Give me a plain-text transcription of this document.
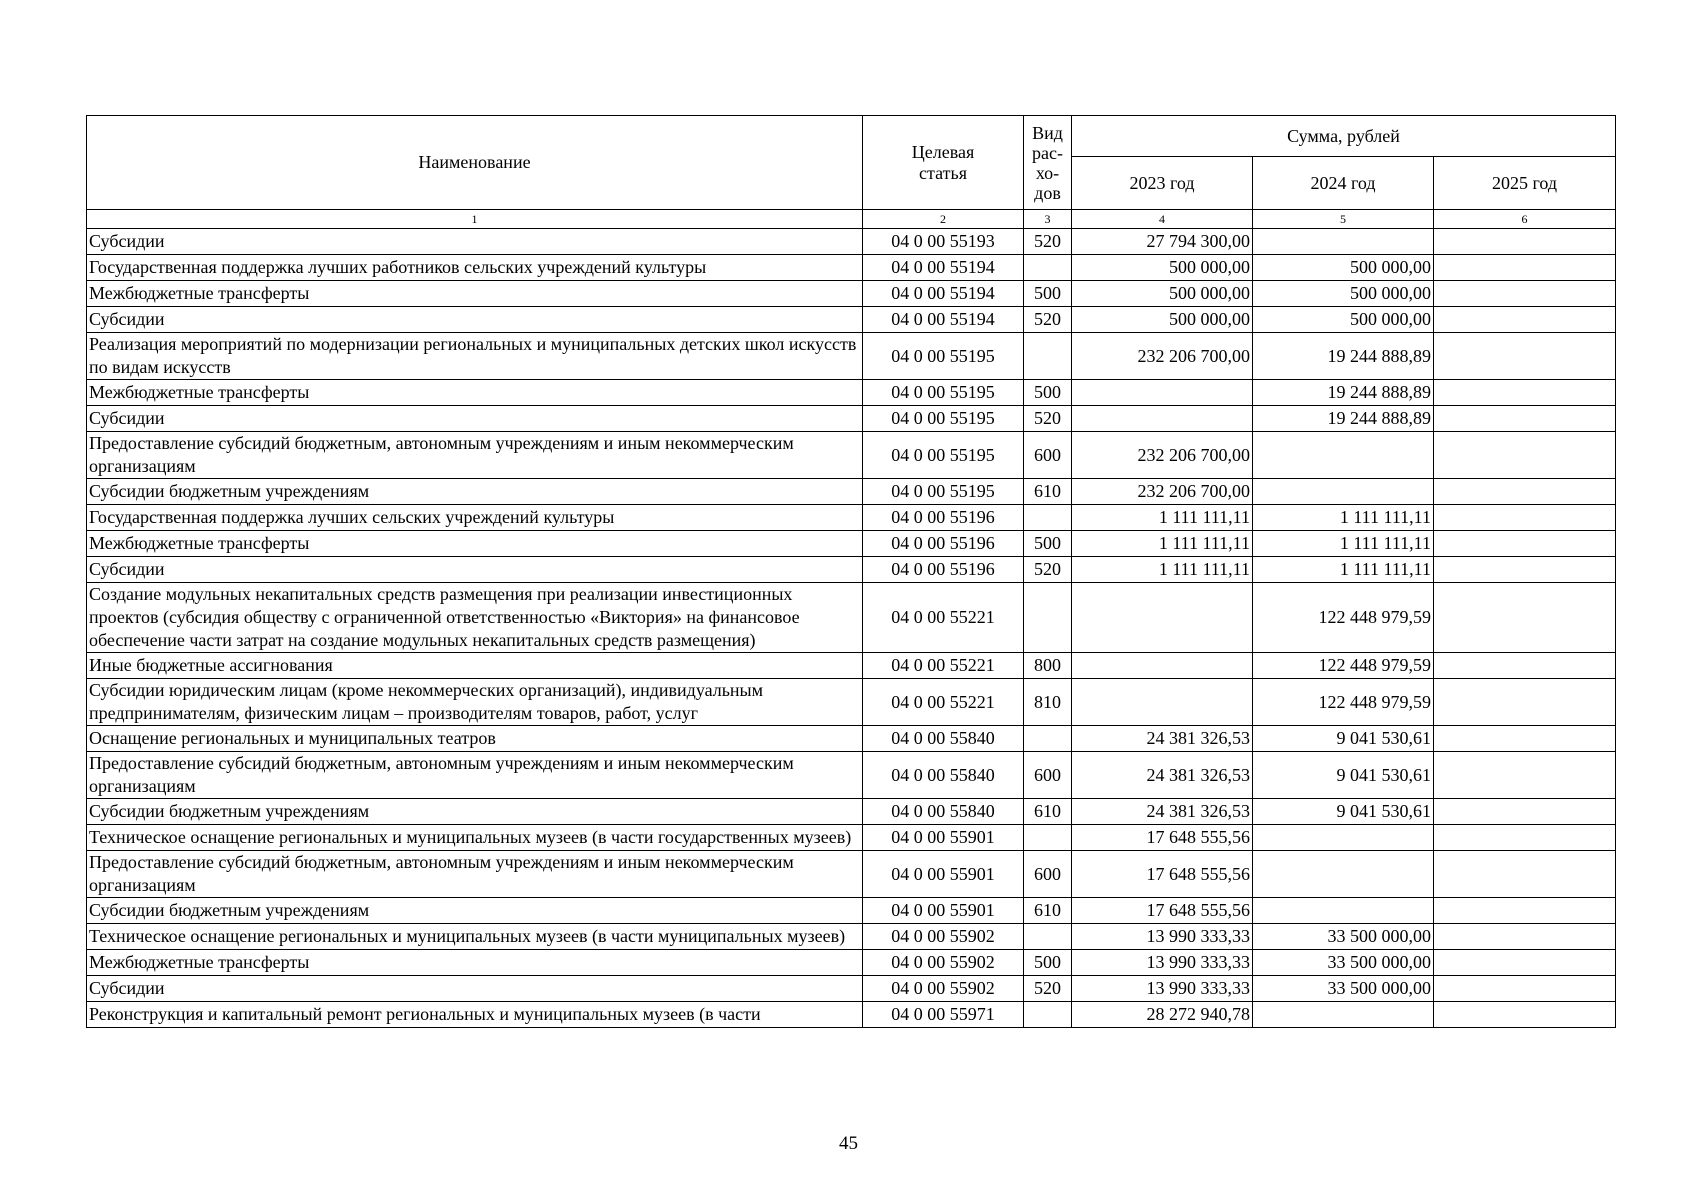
Наименование	Целевая статья	Вид рас-хо-дов	Сумма, рублей		
			2023 год	2024 год	2025 год
1	2	3	4	5	6
Субсидии	04 0 00 55193	520	27 794 300,00		
Государственная поддержка лучших работников сельских учреждений культуры	04 0 00 55194		500 000,00	500 000,00	
Межбюджетные трансферты	04 0 00 55194	500	500 000,00	500 000,00	
Субсидии	04 0 00 55194	520	500 000,00	500 000,00	
Реализация мероприятий по модернизации региональных и муниципальных детских школ искусств по видам искусств	04 0 00 55195		232 206 700,00	19 244 888,89	
Межбюджетные трансферты	04 0 00 55195	500		19 244 888,89	
Субсидии	04 0 00 55195	520		19 244 888,89	
Предоставление субсидий бюджетным, автономным учреждениям и иным некоммерческим организациям	04 0 00 55195	600	232 206 700,00		
Субсидии бюджетным учреждениям	04 0 00 55195	610	232 206 700,00		
Государственная поддержка лучших сельских учреждений культуры	04 0 00 55196		1 111 111,11	1 111 111,11	
Межбюджетные трансферты	04 0 00 55196	500	1 111 111,11	1 111 111,11	
Субсидии	04 0 00 55196	520	1 111 111,11	1 111 111,11	
Создание модульных некапитальных средств размещения при реализации инвестиционных проектов (субсидия обществу с ограниченной ответственностью «Виктория» на финансовое обеспечение части затрат на создание модульных некапитальных средств размещения)	04 0 00 55221			122 448 979,59	
Иные бюджетные ассигнования	04 0 00 55221	800		122 448 979,59	
Субсидии юридическим лицам (кроме некоммерческих организаций), индивидуальным предпринимателям, физическим лицам – производителям товаров, работ, услуг	04 0 00 55221	810		122 448 979,59	
Оснащение региональных и муниципальных театров	04 0 00 55840		24 381 326,53	9 041 530,61	
Предоставление субсидий бюджетным, автономным учреждениям и иным некоммерческим организациям	04 0 00 55840	600	24 381 326,53	9 041 530,61	
Субсидии бюджетным учреждениям	04 0 00 55840	610	24 381 326,53	9 041 530,61	
Техническое оснащение региональных и муниципальных музеев (в части государственных музеев)	04 0 00 55901		17 648 555,56		
Предоставление субсидий бюджетным, автономным учреждениям и иным некоммерческим организациям	04 0 00 55901	600	17 648 555,56		
Субсидии бюджетным учреждениям	04 0 00 55901	610	17 648 555,56		
Техническое оснащение региональных и муниципальных музеев (в части муниципальных музеев)	04 0 00 55902		13 990 333,33	33 500 000,00	
Межбюджетные трансферты	04 0 00 55902	500	13 990 333,33	33 500 000,00	
Субсидии	04 0 00 55902	520	13 990 333,33	33 500 000,00	
Реконструкция и капитальный ремонт региональных и муниципальных музеев (в части	04 0 00 55971		28 272 940,78		
45
